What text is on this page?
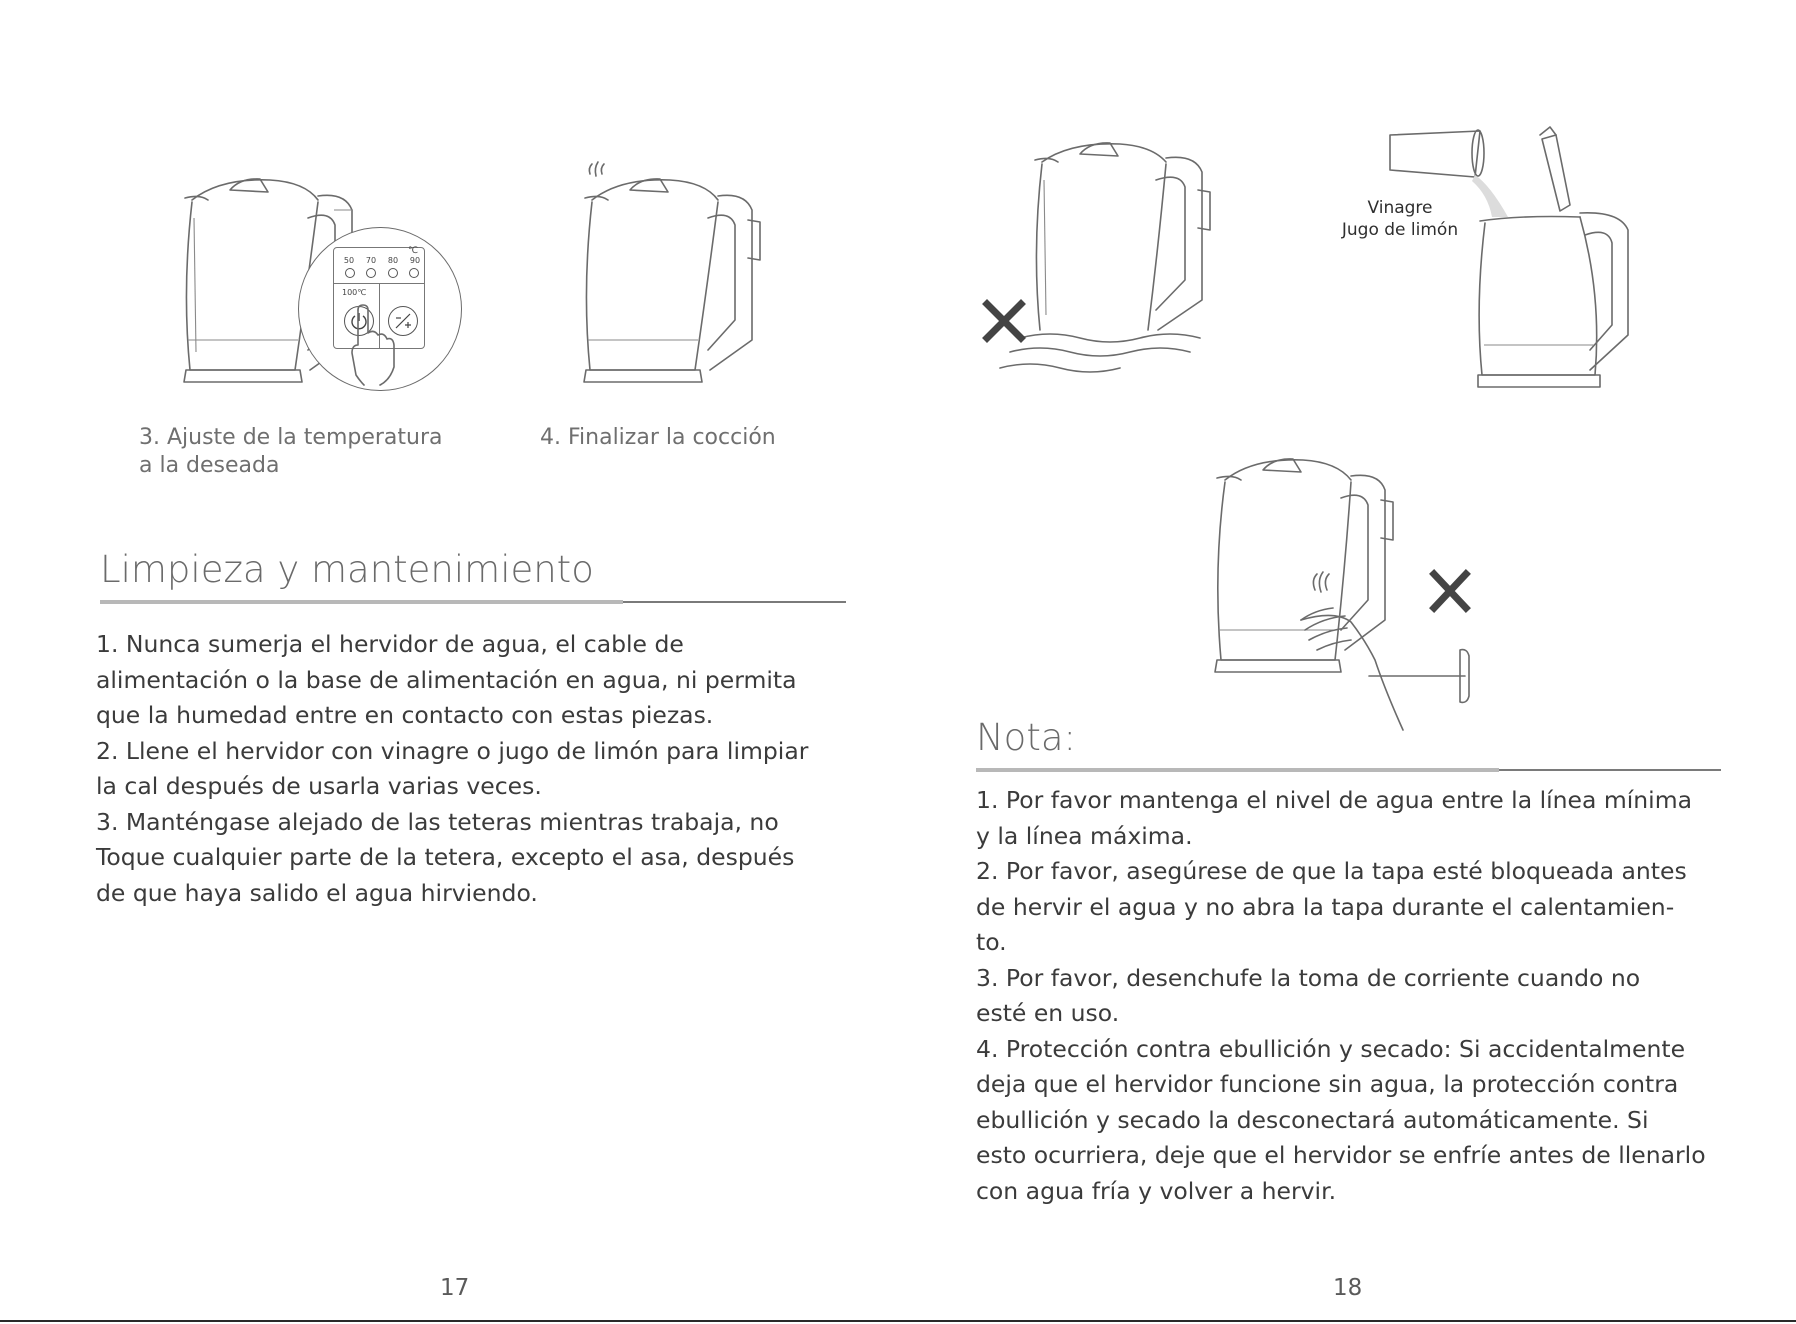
℃
50	70	80	90
100℃
3. Ajuste de la temperatura
a la deseada
4. Finalizar la cocción
Limpieza y mantenimiento

1. Nunca sumerja el hervidor de agua, el cable de

alimentación o la base de alimentación en agua, ni permita

que la humedad entre en contacto con estas piezas.

2. Llene el hervidor con vinagre o jugo de limón para limpiar

la cal después de usarla varias veces.

3. Manténgase alejado de las teteras mientras trabaja, no

Toque cualquier parte de la tetera, excepto el asa, después

de que haya salido el agua hirviendo.

17
Vinagre
Jugo de limón
Nota:

1. Por favor mantenga el nivel de agua entre la línea mínima

y la línea máxima.

2. Por favor, asegúrese de que la tapa esté bloqueada antes

de hervir el agua y no abra la tapa durante el calentamien-

to.

3. Por favor, desenchufe la toma de corriente cuando no

esté en uso.

4. Protección contra ebullición y secado: Si accidentalmente

deja que el hervidor funcione sin agua, la protección contra

ebullición y secado la desconectará automáticamente. Si

esto ocurriera, deje que el hervidor se enfríe antes de llenarlo

con agua fría y volver a hervir.

18
